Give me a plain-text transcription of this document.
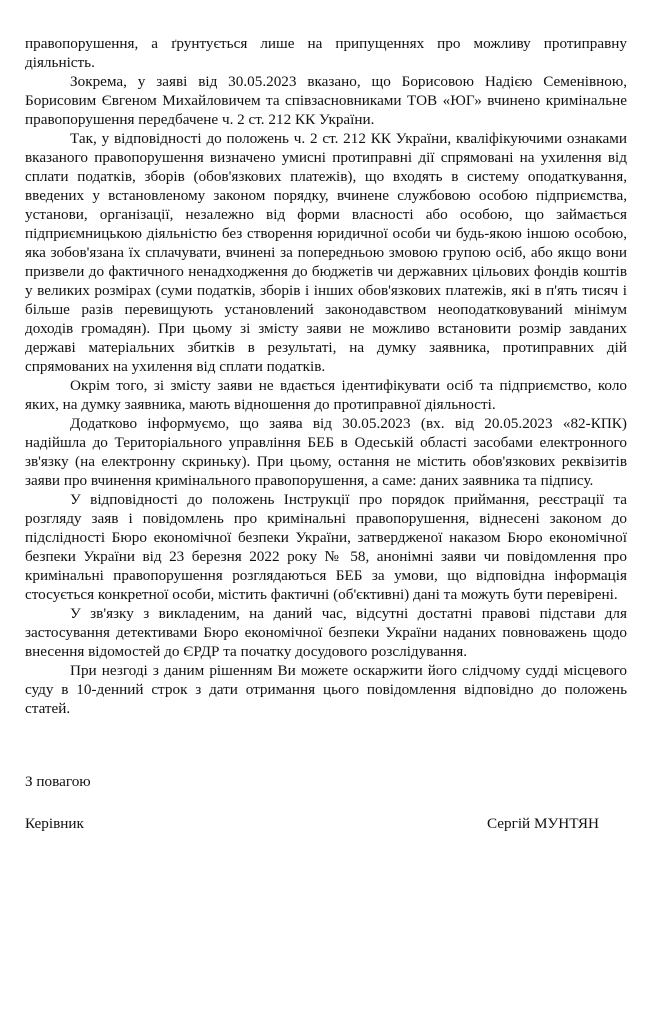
правопорушення, а ґрунтується лише на припущеннях про можливу протиправну діяльність.

Зокрема, у заяві від 30.05.2023 вказано, що Борисовою Надією Семенівною, Борисовим Євгеном Михайловичем та співзасновниками ТОВ «ЮГ» вчинено кримінальне правопорушення передбачене ч. 2 ст. 212 КК України.

Так, у відповідності до положень ч. 2 ст. 212 КК України, кваліфікуючими ознаками вказаного правопорушення визначено умисні протиправні дії спрямовані на ухилення від сплати податків, зборів (обов'язкових платежів), що входять в систему оподаткування, введених у встановленому законом порядку, вчинене службовою особою підприємства, установи, організації, незалежно від форми власності або особою, що займається підприємницькою діяльністю без створення юридичної особи чи будь-якою іншою особою, яка зобов'язана їх сплачувати, вчинені за попередньою змовою групою осіб, або якщо вони призвели до фактичного ненадходження до бюджетів чи державних цільових фондів коштів у великих розмірах (суми податків, зборів і інших обов'язкових платежів, які в п'ять тисяч і більше разів перевищують установлений законодавством неоподатковуваний мінімум доходів громадян). При цьому зі змісту заяви не можливо встановити розмір завданих державі матеріальних збитків в результаті, на думку заявника, протиправних дій спрямованих на ухилення від сплати податків.

Окрім того, зі змісту заяви не вдається ідентифікувати осіб та підприємство, коло яких, на думку заявника, мають відношення до протиправної діяльності.

Додатково інформуємо, що заява від 30.05.2023 (вх. від 20.05.2023 «82-КПК) надійшла до Територіального управління БЕБ в Одеській області засобами електронного зв'язку (на електронну скриньку). При цьому, остання не містить обов'язкових реквізитів заяви про вчинення кримінального правопорушення, а саме: даних заявника та підпису.

У відповідності до положень Інструкції про порядок приймання, реєстрації та розгляду заяв і повідомлень про кримінальні правопорушення, віднесені законом до підслідності Бюро економічної безпеки України, затвердженої наказом Бюро економічної безпеки України від 23 березня 2022 року № 58, анонімні заяви чи повідомлення про кримінальні правопорушення розглядаються БЕБ за умови, що відповідна інформація стосується конкретної особи, містить фактичні (об'єктивні) дані та можуть бути перевірені.

У зв'язку з викладеним, на даний час, відсутні достатні правові підстави для застосування детективами Бюро економічної безпеки України наданих повноважень щодо внесення відомостей до ЄРДР та початку досудового розслідування.

При незгоді з даним рішенням Ви можете оскаржити його слідчому судді місцевого суду в 10-денний строк з дати отримання цього повідомлення відповідно до положень статей.

З повагою
Керівник	Сергій МУНТЯН
